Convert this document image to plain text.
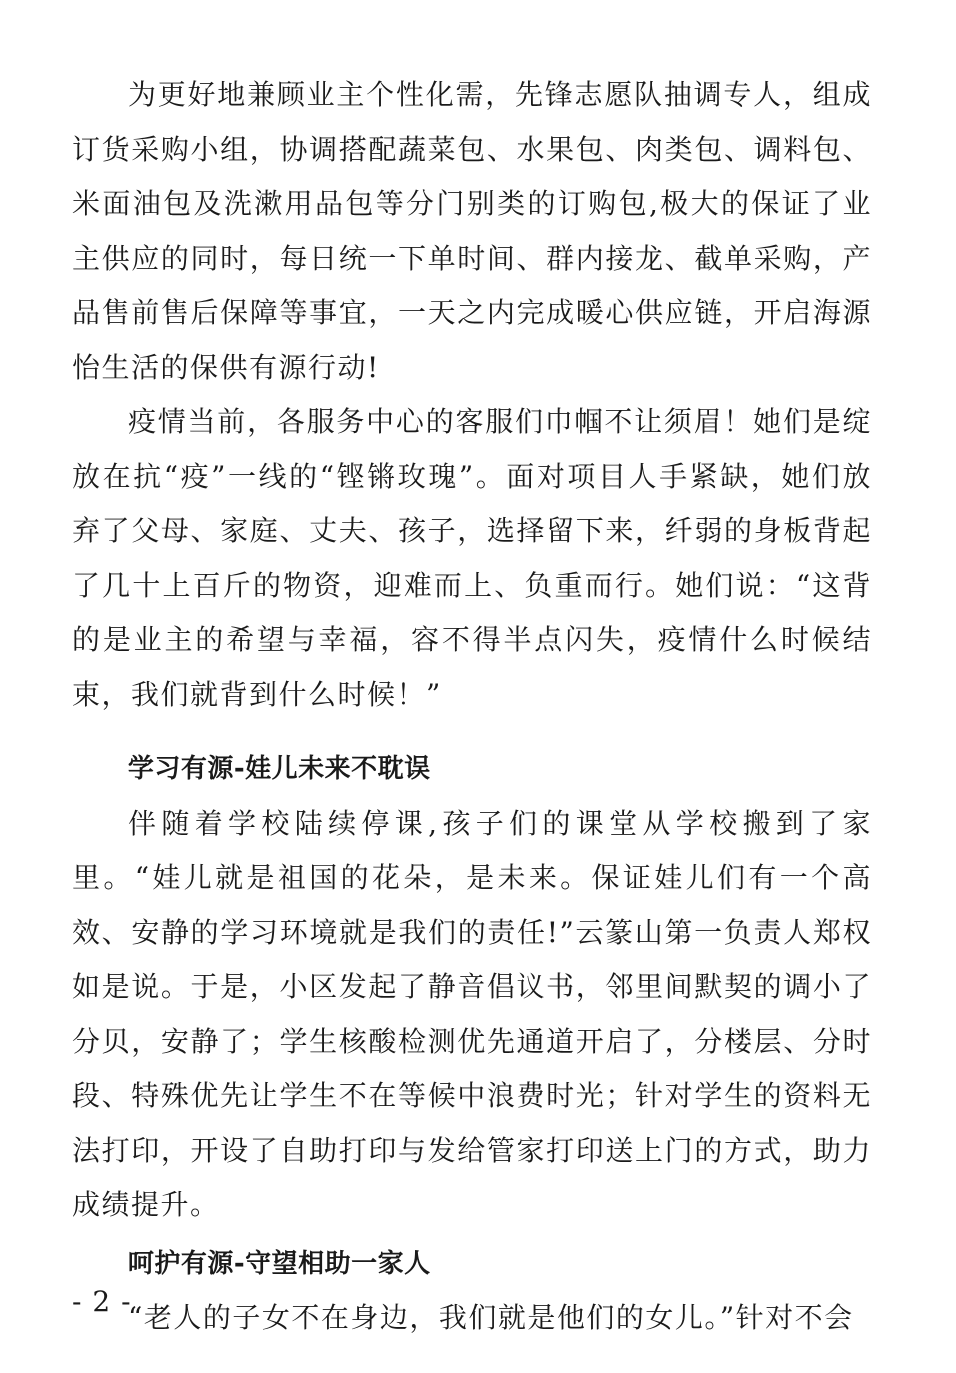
为更好地兼顾业主个性化需，先锋志愿队抽调专人，组成订货采购小组，协调搭配蔬菜包、水果包、肉类包、调料包、米面油包及洗漱用品包等分门别类的订购包,极大的保证了业主供应的同时，每日统一下单时间、群内接龙、截单采购，产品售前售后保障等事宜，一天之内完成暖心供应链，开启海源怡生活的保供有源行动!

疫情当前，各服务中心的客服们巾帼不让须眉！她们是绽放在抗“疫”一线的“铿锵玫瑰”。面对项目人手紧缺，她们放弃了父母、家庭、丈夫、孩子，选择留下来，纤弱的身板背起了几十上百斤的物资，迎难而上、负重而行。她们说：“这背的是业主的希望与幸福，容不得半点闪失，疫情什么时候结束，我们就背到什么时候！”

学习有源-娃儿未来不耽误

伴随着学校陆续停课,孩子们的课堂从学校搬到了家里。“娃儿就是祖国的花朵，是未来。保证娃儿们有一个高效、安静的学习环境就是我们的责任!”云篆山第一负责人郑权如是说。于是，小区发起了静音倡议书，邻里间默契的调小了分贝，安静了；学生核酸检测优先通道开启了，分楼层、分时段、特殊优先让学生不在等候中浪费时光；针对学生的资料无法打印，开设了自助打印与发给管家打印送上门的方式，助力成绩提升。

呵护有源-守望相助一家人

“老人的子女不在身边，我们就是他们的女儿。”针对不会

- 2 -
